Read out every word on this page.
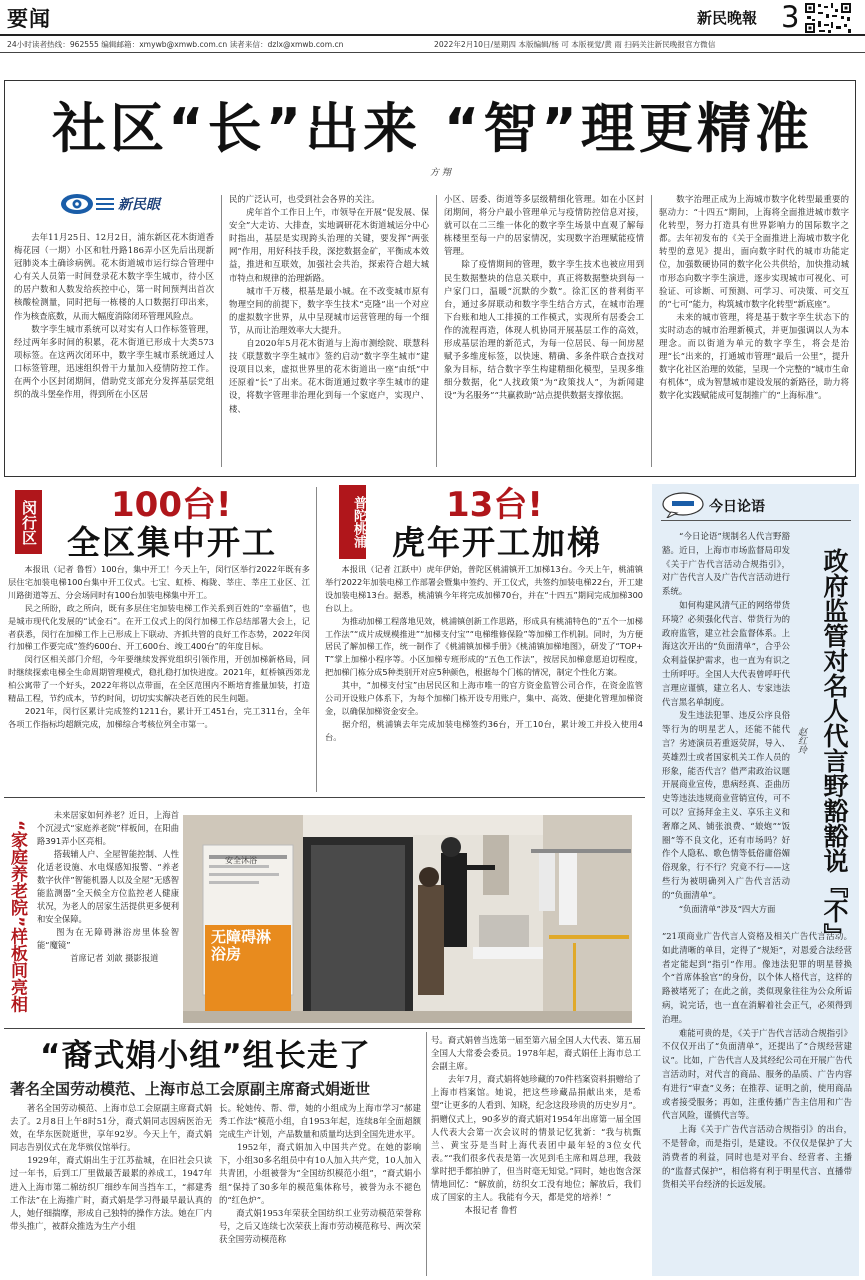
要闻	新民晚報 3
24小时读者热线：962555 编辑邮箱：xmywb@xmwb.com.cn 读者来信：dzlx@xmwb.com.cn	2022年2月10日/星期四 本版编辑/杨 可 本版视觉/黄 雨 扫码关注新民晚报官方微信
社区“长”出来 “智”理更精准
方 翔
新民眼
　　去年11月25日、12月2日，浦东新区花木街道香梅花园（一期）小区和牡丹路186弄小区先后出现新冠肺炎本土确诊病例。花木街道城市运行综合管理中心有关人员第一时间登录花木数字孪生城市，待小区的居户数和人数发给疾控中心，第一时间预判出首次核酸检测量，同时把每一栋楼的人口数据打印出来，作为核查底数，从而大幅度消除闭环管理风险点。
　　数字孪生城市系统可以对实有人口作标签管理，经过两年多时间的积累，花木街道已形成十大类573项标签。在这两次闭环中，数字孪生城市系统通过人口标签管理，迅速组织骨干力量加入疫情防控工作。在两个小区封闭期间，借助党支部充分发挥基层党组织的战斗堡垒作用，得到所在小区居
民的广泛认可，也受到社会各界的关注。
　　虎年首个工作日上午，市领导在开展“促发展、保安全”大走访、大排查，实地调研花木街道城运分中心时指出，基层是实现跨头治理的关键，要发挥“两张网”作用，用好科技手段，深挖数据金矿，平衡成本效益，推进和互联效，加强社会共治，探索符合超大城市特点和规律的治理新路。
　　城市千万楼，根基是最小城。在不改变城市原有物理空间的前提下，数字孪生技术“克隆”出一个对应的虚拟数字世界，从中呈现城市运营管理的每一个细节，从而让治理效率大大提升。
　　自2020年5月花木街道与上海市测绘院、联慧科技《联慧数字孪生城市》签约启动“数字孪生城市”建设项目以来，虚拟世界里的花木街道出一座“由纸”中还原着“长”了出来。花木街道通过数字孪生城市的建设，将数字管理非治理化到每一个家庭户，实现户、楼、
小区、居委、街道等多层级精细化管理。如在小区封闭期间，将分户最小管理单元与疫情防控信息对接，就可以在二三维一体化的数字孪生场景中直观了解每栋楼里至每一户的居家情况，实现数字治理赋能疫情管理。
　　除了疫情期间的管理，数字孪生技术也被应用到民生数据整块的信息关联中，真正将数据整块到每一户家门口，温暖“沉默的少数”。徐汇区的普利街平台，通过多屏联动和数字孪生结合方式，在城市治理下台账和地人工排摸的工作模式，实现所有居委会工作的流程再造，体现人机协同开展基层工作的高效，形成基层治理的新范式，为每一位居民、每一间房屋赋予多维度标签，以快速、精确、多条件联合查找对象为目标，结合数字孪生构建精细化模型，呈现多维细分数据，化“人找政策”为“政策找人”，为新闻建设”为名服务”“共赢救助”站点提供数据支撑依据。
　　数字治理正成为上海城市数字化转型最重要的驱动力：“十四五”期间，上海将全面推进城市数字化转型，努力打造具有世界影响力的国际数字之都。去年初发布的《关于全面推进上海城市数字化转型的意见》提出，面向数字时代的城市功能定位，加强数硬协同的数字化公共供给，加快推动城市形态向数字孪生演进，逐步实现城市可视化、可验证、可诊断、可预测、可学习、可决策、可交互的“七可”能力，构筑城市数字化转型“新底座”。
　　未来的城市管理，将是基于数字孪生状态下的实时动态的城市治理新模式，并更加强调以人为本理念。而以街道为单元的数字孪生，将会是治理“长”出来的，打通城市管理“最后一公里”，提升数字化社区治理的效能，呈现一个完整的“城市生命有机体”，成为智慧城市建设发展的新路径，助力将数字化实践赋能成可复制推广的“上海标准”。
闵行区 100台!
全区集中开工
　　本报讯（记者 鲁哲）100台，集中开工！今天上午，闵行区举行2022年既有多层住宅加装电梯100台集中开工仪式。七宝、虹桥、梅陇、莘庄、莘庄工业区、江川路街道等五、分会场同时有100台加装电梯集中开工。
　　民之所盼，政之所向，既有多层住宅加装电梯工作关系到百姓的“幸福值”，也是城市现代化发展的“试金石”。在开工仪式上的闵行加梯工作总结部署大会上，记者获悉，闵行在加梯工作上已形成上下联动、齐抓共管的良好工作态势，2022年闵行加梯工作要完成“签约600台、开工600台、竣工400台”的年度目标。
　　闵行区相关部门介绍，今年要继续发挥党组织引领作用，开创加梯新格局，同时继续探索电梯全生命周期管理模式，稳扎稳打加快进度。2021年，虹桥镇西郊龙柏公寓带了一个好头，2022年将以点带面，在全区范围内不断培育推量加装，打造精品工程，节约成本，节约时间，切切实实解决老百姓的民生问题。
　　2021年，闵行区累计完成签约1211台，累计开工451台，完工311台，全年各项工作指标均超额完成，加梯综合考核位列全市第一。
普陀桃浦 13台!
虎年开工加梯
　　本报讯（记者 江跃中）虎年伊始，普陀区桃浦镇开工加梯13台。今天上午，桃浦镇举行2022年加装电梯工作部署会暨集中签约、开工仪式，共签约加装电梯22台，开工建设加装电梯13台。据悉，桃浦镇今年将完成加梯70台，并在“十四五”期间完成加梯300台以上。
　　为推动加梯工程落地见效，桃浦镇创新工作思路，形成具有桃浦特色的“五个一加梯工作法”“成片成规模推进”“加梯支付宝”“电梯维修保险”等加梯工作机制。同时，为方便居民了解加梯工作，统一制作了《桃浦镇加梯手册》《桃浦镇加梯地图》，研发了“TOP+T”掌上加梯小程序等。小区加梯专班形成的“五色工作法”，按居民加梯意愿迫切程度，把加梯门栋分成5种类别开对应5种颜色，根据每个门栋的情况，制定个性化方案。
　　其中，“加梯支付宝”由居民区和上海市唯一的官方资金监管公司合作，在资金监管公司开设账户体系下，为每个加梯门栋开设专用账户，集中、高效、便捷化管理加梯资金，以确保加梯资金安全。
　　据介绍，桃浦镇去年完成加装电梯签约36台，开工10台，累计竣工并投入使用4台。
“家庭养老院”样板间亮相
　　未来居家如何养老？近日，上海首个沉浸式“家庭养老院”样板间，在阳曲路391弄小区亮相。
　　搭载辅人户、全屋智能控制、人性化适老设施、水电煤感知报警、“养老数字伙伴”智能机器人以及全屋“无感智能监测器”全天候全方位监控老人健康状况，为老人的居家生活提供更多便利和安全保障。
　　图为在无障碍淋浴房里体验智能“魔镜”
　　　　首席记者 刘歆 摄影报道
无障碍淋浴房
安全沐浴
“裔式娟小组”组长走了
著名全国劳动模范、上海市总工会原副主席裔式娟逝世
　　著名全国劳动模范、上海市总工会原副主席裔式娟去了。2月8日上午8时51分，裔式娟同志因病医治无效，在华东医院逝世，享年92岁。今天上午，裔式娟同志告别仪式在龙华殡仪馆举行。
　　1929年，裔式娟出生于江苏盐城，在旧社会只读过一年书，后到工厂里做最苦最累的养成工，1947年进入上海市第二棉纺织厂细纱车间当挡车工，“郝建秀工作法”在上海推广时，裔式娟是学习得最早最认真的人，她仔细揣摩，形成自己独特的操作方法。她在厂内带头推广，被群众推选为生产小组
长。轮她传、帮、带，她的小组成为上海市学习“郝建秀工作法”模范小组，自1953年起，连续8年全面超额完成生产计划，产品数量和质量均达到全国先进水平。
　　1952年，裔式娟加入中国共产党。在她的影响下，小组30多名组员中有10人加入共产党，10人加入共青团，小组被誉为“全国纺织模范小组”，“裔式娟小组”保持了30多年的模范集体称号，被誉为永不褪色的“红色炉”。
　　裔式娟1953年荣获全国纺织工业劳动模范荣誉称号，之后又连续七次荣获上海市劳动模范称号、两次荣获全国劳动模范称
号。裔式娟曾当选第一届至第六届全国人大代表、第五届全国人大常委会委员。1978年起，裔式娟任上海市总工会副主席。
　　去年7月，裔式娟将她珍藏的70件档案资料捐赠给了上海市档案馆。她说，把这些珍藏品捐献出来，是希望“让更多的人看到、知晓，纪念这段珍贵的历史岁月”。捐赠仪式上，90多岁的裔式娟对1954年出席第一届全国人代表大会第一次会议时的情景记忆犹新：“我与杭甄兰、黄宝芬是当时上海代表团中最年轻的3位女代表。”“我们很多代表是第一次见到毛主席和周总理，我鼓掌时把手都拍肿了，但当时毫无知觉。”同时，她也饱含深情地回忆：“解放前，纺织女工没有地位；解放后，我们成了国家的主人。我能有今天，都是党的培养！”
　　　　本报记者 鲁哲
今日论语
政府监管对名人代言野豁豁说『不』
赵红玲
　　“今日论语”规制名人代言野豁豁。近日，上海市市场监督局印发《关于广告代言活动合规指引》，对广告代言人及广告代言活动进行系统。
　　如何构建风清气正的网络带货环境？必须强化代言、带货行为的政府监管，建立社会监督体系。上海这次开出的“负面清单”，合乎公众利益保护需求，也一直为有识之士所呼吁。全国人大代表曾呼吁代言理应谨慎，建立名人、专家违法代言黑名单制度。
　　发生违法犯罪、违反公序良俗等行为的明星艺人，还能不能代言？劣迹演员若重返荧屏，导入、英雄烈士或者国家机关工作人员的形象，能否代言？借严肃政治议题开展商业宣传，患病经真、歪曲历史等违法违规商业营销宣传，可不可以？宣扬拜金主义、享乐主义和奢靡之风、铺张浪费、“娘炮”“饭圈”等不良文化，还有市场吗？好作个人隐私、歌色情等低俗庸俗媚俗现象，行不行？究竟不行——这些行为被明确列入广告代言活动的“负面清单”。
　　“负面清单”涉及“四大方面
”21项商业广告代言人资格及相关广告代言活动。如此清晰的单目，定得了“规矩”，对恩爱合法经营者定能起到“指引”作用。像违法犯罪的明星替换个“首席体验官”的身份，以个体人格代言，这样的路被堵死了；在此之前，类似现象往往为公众所诟病，说完话，也一直在消解着社会正气，必须得到治理。
　　难能可贵的是，《关于广告代言活动合规指引》不仅仅开出了“负面清单”，还提出了“合规经营建议”。比如，广告代言人及其经纪公司在开展广告代言活动时，对代言的商品、服务的品质、广告内容有进行“审查”义务；在推荐、证明之前，使用商品或者接受服务；再如，注重传播广告主信用和广告代言风险，谨慎代言等。
　　上海《关于广告代言活动合规指引》的出台，不是替命，而是指引，是建设。不仅仅是保护了大消费者的利益，同时也是对平台、经营者、主播的“监督式保护”，相信将有利于明星代言、直播带货相关平台经济的长远发展。
